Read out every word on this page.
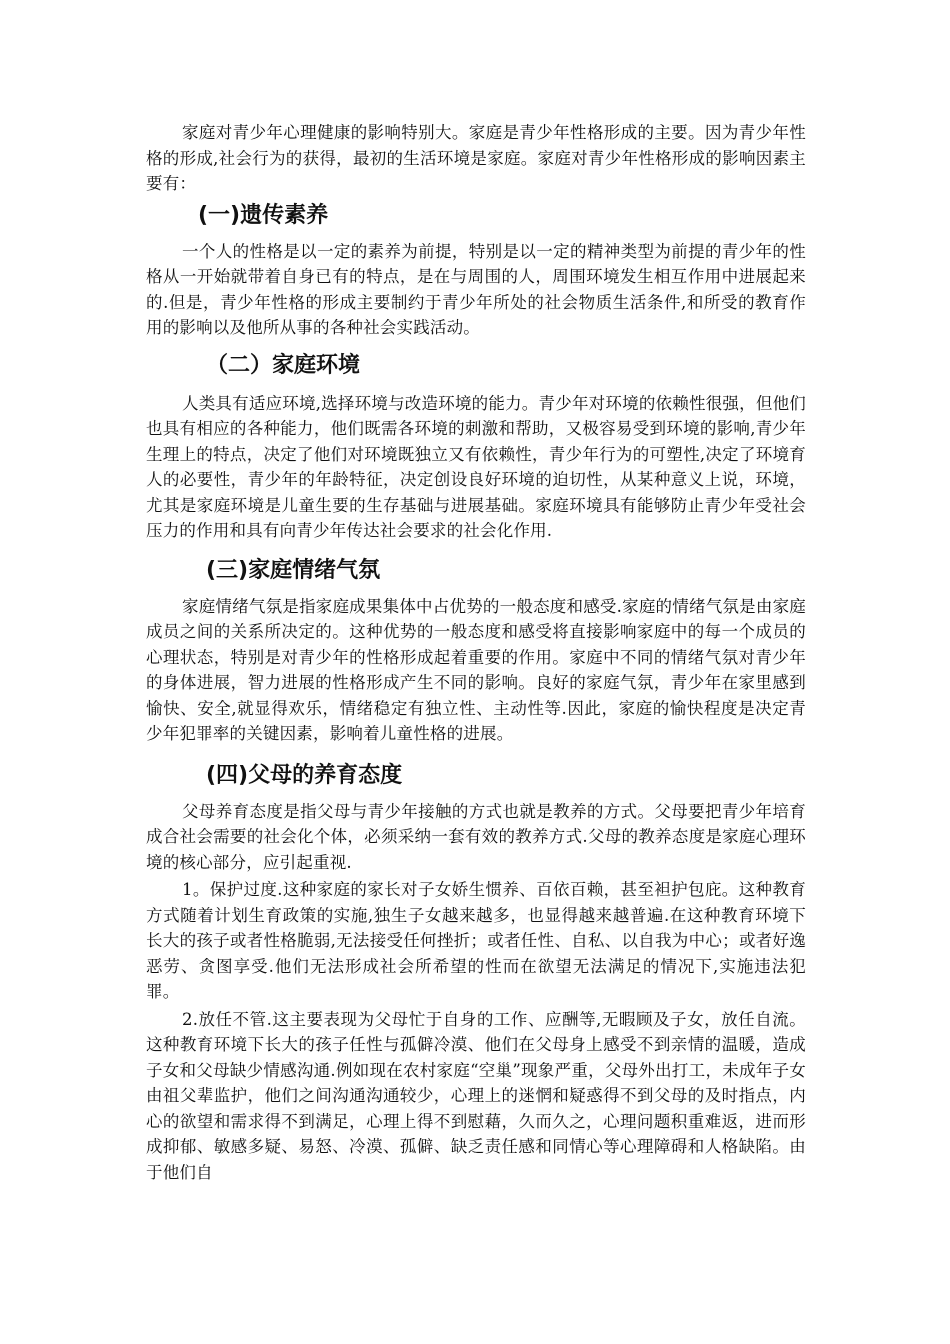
家庭对青少年心理健康的影响特别大。家庭是青少年性格形成的主要。因为青少年性格的形成,社会行为的获得，最初的生活环境是家庭。家庭对青少年性格形成的影响因素主要有：

(一)遗传素养

一个人的性格是以一定的素养为前提，特别是以一定的精神类型为前提的青少年的性格从一开始就带着自身已有的特点，是在与周围的人，周围环境发生相互作用中进展起来的.但是，青少年性格的形成主要制约于青少年所处的社会物质生活条件,和所受的教育作用的影响以及他所从事的各种社会实践活动。

（二）家庭环境

人类具有适应环境,选择环境与改造环境的能力。青少年对环境的依赖性很强，但他们也具有相应的各种能力，他们既需各环境的刺激和帮助，又极容易受到环境的影响,青少年生理上的特点，决定了他们对环境既独立又有依赖性，青少年行为的可塑性,决定了环境育人的必要性，青少年的年龄特征，决定创设良好环境的迫切性，从某种意义上说，环境，尤其是家庭环境是儿童生要的生存基础与进展基础。家庭环境具有能够防止青少年受社会压力的作用和具有向青少年传达社会要求的社会化作用.

(三)家庭情绪气氛

家庭情绪气氛是指家庭成果集体中占优势的一般态度和感受.家庭的情绪气氛是由家庭成员之间的关系所决定的。这种优势的一般态度和感受将直接影响家庭中的每一个成员的心理状态，特别是对青少年的性格形成起着重要的作用。家庭中不同的情绪气氛对青少年的身体进展，智力进展的性格形成产生不同的影响。良好的家庭气氛，青少年在家里感到愉快、安全,就显得欢乐，情绪稳定有独立性、主动性等.因此，家庭的愉快程度是决定青少年犯罪率的关键因素，影响着儿童性格的进展。

(四)父母的养育态度

父母养育态度是指父母与青少年接触的方式也就是教养的方式。父母要把青少年培育成合社会需要的社会化个体，必须采纳一套有效的教养方式.父母的教养态度是家庭心理环境的核心部分，应引起重视.

1。保护过度.这种家庭的家长对子女娇生惯养、百依百赖，甚至袒护包庇。这种教育方式随着计划生育政策的实施,独生子女越来越多，也显得越来越普遍.在这种教育环境下长大的孩子或者性格脆弱,无法接受任何挫折；或者任性、自私、以自我为中心；或者好逸恶劳、贪图享受.他们无法形成社会所希望的性而在欲望无法满足的情况下,实施违法犯罪。

2.放任不管.这主要表现为父母忙于自身的工作、应酬等,无暇顾及子女，放任自流。这种教育环境下长大的孩子任性与孤僻冷漠、他们在父母身上感受不到亲情的温暖，造成子女和父母缺少情感沟通.例如现在农村家庭“空巢”现象严重，父母外出打工，未成年子女由祖父辈监护，他们之间沟通沟通较少，心理上的迷惘和疑惑得不到父母的及时指点，内心的欲望和需求得不到满足，心理上得不到慰藉，久而久之，心理问题积重难返，进而形成抑郁、敏感多疑、易怒、冷漠、孤僻、缺乏责任感和同情心等心理障碍和人格缺陷。由于他们自
